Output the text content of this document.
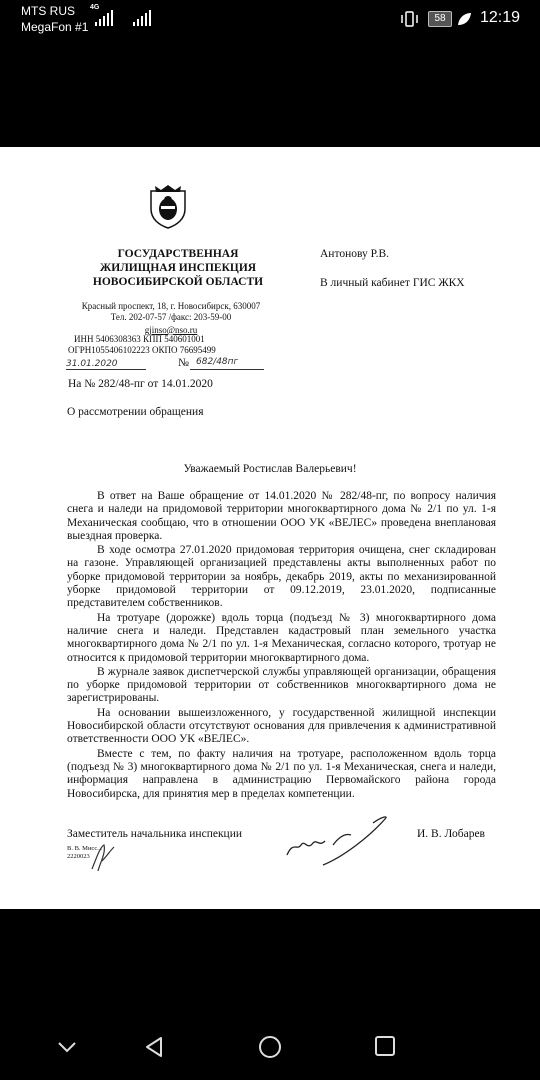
MTS RUS
MegaFon #1
4G
58	12:19
ГОСУДАРСТВЕННАЯ
ЖИЛИЩНАЯ ИНСПЕКЦИЯ
НОВОСИБИРСКОЙ ОБЛАСТИ
Красный проспект, 18, г. Новосибирск, 630007
Тел. 202-07-57 /факс: 203-59-00
gjinso@nso.ru
ИНН 5406308363 КПП 540601001
ОГРН1055406102223 ОКПО 76695499
31.01.2020	№ 682/48пг
На № 282/48-пг от 14.01.2020
О рассмотрении обращения
Антонову Р.В.
В личный кабинет ГИС ЖКХ
Уважаемый Ростислав Валерьевич!

В ответ на Ваше обращение от 14.01.2020 № 282/48-пг, по вопросу наличия снега и наледи на придомовой территории многоквартирного дома № 2/1 по ул. 1-я Механическая сообщаю, что в отношении ООО УК «ВЕЛЕС» проведена внеплановая выездная проверка.

В ходе осмотра 27.01.2020 придомовая территория очищена, снег складирован на газоне. Управляющей организацией представлены акты выполненных работ по уборке придомовой территории за ноябрь, декабрь 2019, акты по механизированной уборке придомовой территории от 09.12.2019, 23.01.2020, подписанные представителем собственников.

На тротуаре (дорожке) вдоль торца (подъезд № 3) многоквартирного дома наличие снега и наледи. Представлен кадастровый план земельного участка многоквартирного дома № 2/1 по ул. 1-я Механическая, согласно которого, тротуар не относится к придомовой территории многоквартирного дома.

В журнале заявок диспетчерской службы управляющей организации, обращения по уборке придомовой территории от собственников многоквартирного дома не зарегистрированы.

На основании вышеизложенного, у государственной жилищной инспекции Новосибирской области отсутствуют основания для привлечения к административной ответственности ООО УК «ВЕЛЕС».

Вместе с тем, по факту наличия на тротуаре, расположенном вдоль торца (подъезд № 3) многоквартирного дома № 2/1 по ул. 1-я Механическая, снега и наледи, информация направлена в администрацию Первомайского района города Новосибирска, для принятия мер в пределах компетенции.

Заместитель начальника инспекции
В. В. Мисс...
2220023
И. В. Лобарев
